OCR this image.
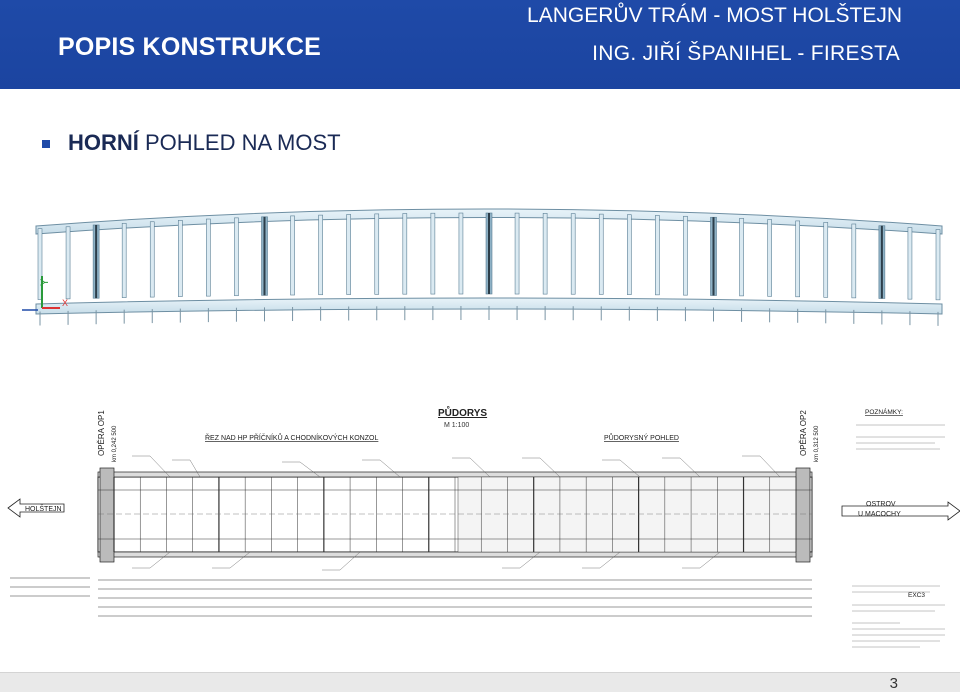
POPIS KONSTRUKCE
LANGERŮV TRÁM - MOST HOLŠTEJN
ING. JIŘÍ ŠPANIHEL - FIRESTA
HORNÍ POHLED NA MOST
Y
X
PŮDORYS
M 1:100
ŘEZ NAD HP PŘÍČNÍKŮ A CHODNÍKOVÝCH KONZOL	PŮDORYSNÝ POHLED
OPĚRA OP1 km 0,242 500	OPĚRA OP2 km 0,312 500
POZNÁMKY:
EXC3
HOLŠTEJN
OSTROV
U MACOCHY
3
